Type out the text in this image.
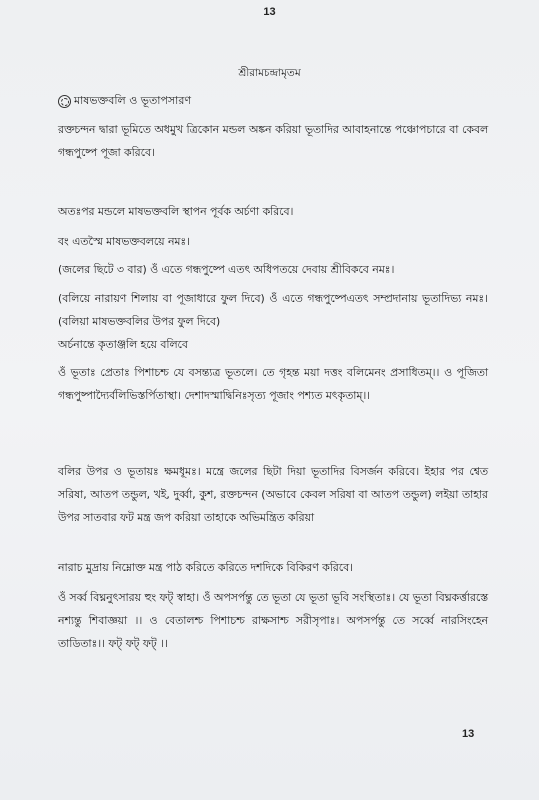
13
শ্রীরামচন্দ্রামৃতম
মাষভক্তবলি ও ভূতাপসারণ
রক্তচন্দন দ্বারা ভূমিতে অধমুখ ত্রিকোন মন্ডল অঙ্কন করিয়া ভূতাদির আবাহনান্তে পঞ্চোপচারে বা কেবল গন্ধপুষ্পে পূজা করিবে।
অতঃপর মন্ডলে মাষভক্তবলি স্থাপন পূর্বক অর্চণা করিবে।
বং এতস্মৈ মাষভক্তবলয়ে নমঃ।
(জলের ছিটে ৩ বার) ওঁ এতে গন্ধপুষ্পে এতৎ অধিপতয়ে দেবায় শ্রীবিকবে নমঃ।
(বলিয়ে নারায়ণ শিলায় বা পূজাধারে ফুল দিবে) ওঁ এতে গন্ধপুষ্পেএতৎ সম্প্রদানায় ভূতাদিভ্য নমঃ। (বলিয়া মাষভক্তবলির উপর ফুল দিবে)
অর্চনান্তে কৃতাঞ্জলি হয়ে বলিবে
ওঁ ভূতাঃ প্রেতাঃ পিশাচশ্চ যে বসন্ত্যত্র ভূতলে। তে গৃহন্ত ময়া দত্তং বলিমেনং প্রসাধিতম্।। ও পূজিতা গন্ধপুষ্পাদ্যৈর্বলিভিস্তর্পিতাস্থা। দেশাদস্মাদ্বিনিঃসৃত্য পূজাং পশ্যত মৎকৃতাম্।।
বলির উপর ও ভূতায়ঃ ক্ষমধূমঃ। মন্ত্রে জলের ছিটা দিয়া ভূতাদির বিসর্জন করিবে। ইহার পর শ্বেত সরিষা, আতপ তন্ডুল, খই, দুর্ব্বা, কুশ, রক্তচন্দন (অভাবে কেবল সরিষা বা আতপ তন্ডুল) লইয়া তাহার উপর সাতবার ফট মন্ত্র জপ করিয়া তাহাকে অভিমন্ত্রিত করিয়া
নারাচ মুদ্রায় নিম্নোক্ত মন্ত্র পাঠ করিতে করিতে দশদিকে বিকিরণ করিবে।
ওঁ সর্ব্ব বিঘ্ননুৎসারয় হুং ফট্ স্বাহা। ওঁ অপসর্পন্তু তে ভূতা যে ভূতা ভূবি সংস্থিতাঃ। যে ভূতা বিঘ্নকর্ত্তারস্তে নশ্যন্তু শিবাজ্ঞয়া ।। ও বেতালশ্চ পিশাচশ্চ রাক্ষসাশ্চ সরীসৃপাঃ। অপসর্পন্তু তে সর্ব্বে নারসিংহেন তাডিতাঃ।। ফট্ ফট্ ফট্ ।।
13
